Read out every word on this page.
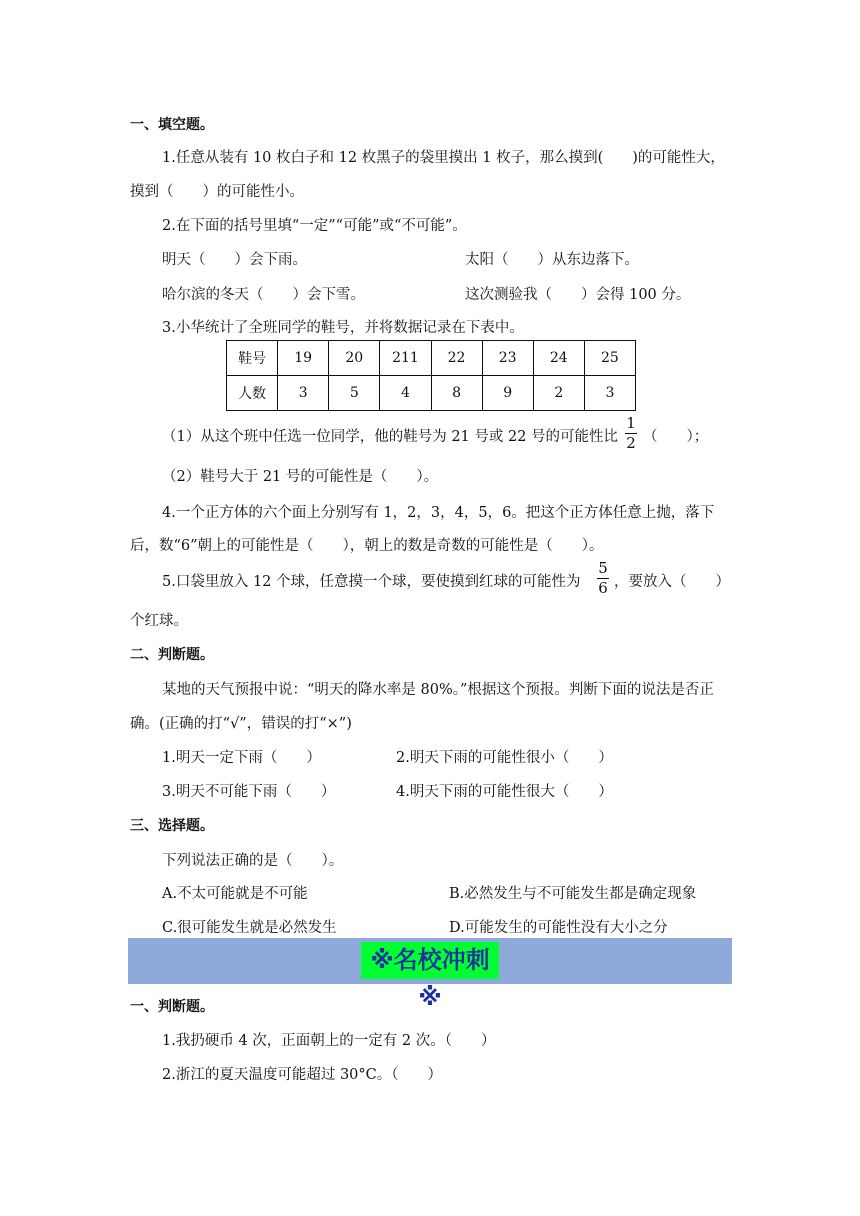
一、填空题。
1.任意从装有 10 枚白子和 12 枚黑子的袋里摸出 1 枚子，那么摸到(　　)的可能性大，
摸到（　　）的可能性小。
2.在下面的括号里填“一定”“可能”或“不可能”。
明天（　　）会下雨。	太阳（　　）从东边落下。
哈尔滨的冬天（　　）会下雪。	这次测验我（　　）会得 100 分。
3.小华统计了全班同学的鞋号，并将数据记录在下表中。
鞋号	19	20	211	22	23	24	25
人数	3	5	4	8	9	2	3
（1）从这个班中任选一位同学，他的鞋号为 21 号或 22 号的可能性比
1
2 （　　）；
（2）鞋号大于 21 号的可能性是（　　）。
4.一个正方体的六个面上分别写有 1，2，3，4，5，6。把这个正方体任意上抛，落下
后，数“6”朝上的可能性是（　　），朝上的数是奇数的可能性是（　　）。
5.口袋里放入 12 个球，任意摸一个球，要使摸到红球的可能性为
5
6 ，要放入（　　）
个红球。
二、判断题。
某地的天气预报中说：“明天的降水率是 80%。”根据这个预报。判断下面的说法是否正
确。(正确的打“√”，错误的打“×”)
1.明天一定下雨（　　）	2.明天下雨的可能性很小（　　）
3.明天不可能下雨（　　）	4.明天下雨的可能性很大（　　）
三、选择题。
下列说法正确的是（　　）。
A.不太可能就是不可能	B.必然发生与不可能发生都是确定现象
C.很可能发生就是必然发生	D.可能发生的可能性没有大小之分
※名校冲刺※
一、判断题。
1.我扔硬币 4 次，正面朝上的一定有 2 次。（　　）
2.浙江的夏天温度可能超过 30°C。（　　）
